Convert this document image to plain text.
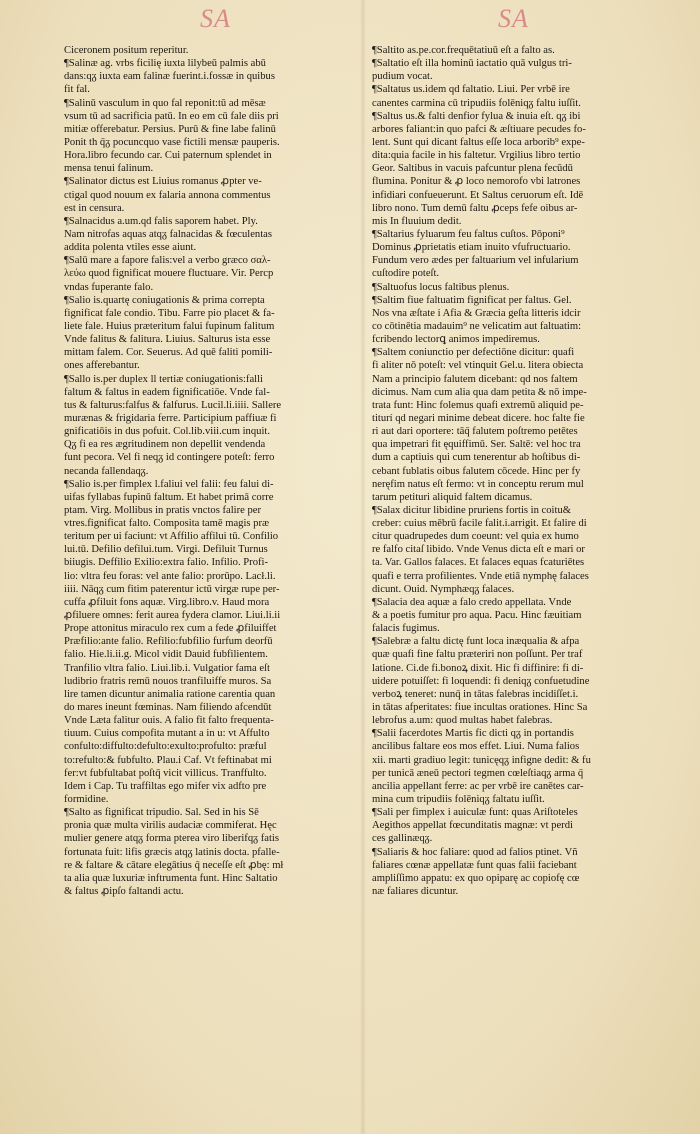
SA	SA
Ciceronem positum reperitur.
¶Salinæ ag. vrbs ficilię iuxta lilybeū palmis abū
dans:qᵹ iuxta eam falinæ fuerint.i.fossæ in quibus
fit fal.
¶Salinū vasculum in quo fal reponit:tū ad mēsæ
vsum tū ad sacrificia patū. In eo em cū fale diis pri
mitiæ offerebatur. Persius. Purū & fine labe falinū
Ponit th q̄ᵹ pocuncquo vase fictili mensæ pauperis.
Hora.libro fecundo car. Cui paternum splendet in
mensa tenui falinum.
¶Salinator dictus est Liuius romanus ꝓpter ve-
ctigal quod nouum ex falaria annona commentus
est in censura.
¶Salnacidus a.um.qd falis saporem habet. Ply.
Nam nitrofas aquas atqᵹ falnacidas & fœculentas
addita polenta vtiles esse aiunt.
¶Salū mare a fapore falis:vel a verbo græco σαλ-
λεύω quod fignificat mouere fluctuare. Vir. Percp
vndas fuperante falo.
¶Salio is.quartę coniugationis & prima correpta
fignificat fale condio. Tibu. Farre pio placet & fa-
liete fale. Huius præteritum falui fupinum falitum
Vnde falitus & falitura. Liuius. Salturus ista esse
mittam falem. Cor. Seuerus. Ad quē faliti pomili-
ones afferebantur.
¶Sallo is.per duplex ll tertiæ coniugationis:falli
faltum & faltus in eadem fignificatiōe. Vnde fal-
tus & falturus:falfus & falfurus. Lucil.li.iiii. Sallere
murænas & frigidaria ferre. Participium paffiuæ fi
gnificatiōis in dus pofuit. Col.lib.viii.cum inquit.
Qᵹ fi ea res ægritudinem non depellit vendenda
funt pecora. Vel fi neqᵹ id contingere poteſt: ferro
necanda fallendaqᵹ.
¶Salio is.per fimplex l.faliui vel falii: feu falui di-
uifas fyllabas fupinū faltum. Et habet primā corre
ptam. Virg. Mollibus in pratis vnctos falire per
vtres.fignificat falto. Composita tamē magis præ
teritum per ui faciunt: vt Affilio affilui tū. Confilio
lui.tū. Defilio defilui.tum. Virgi. Defiluit Turnus
biiugis. Deffilio Exilio:extra falio. Infilio. Profi-
lio: vltra feu foras: vel ante falio: prorūpo. Lacł.li.
iiii. Nāqᵹ cum fitim paterentur ictū virgæ rupe per-
cuffa ꝓfiluit fons aquæ. Virg.libro.v. Haud mora
ꝓfiluere omnes: ferit aurea fydera clamor. Liui.li.ii
Prope attonitus miraculo rex cum a fede ꝓfiluiffet
Præfilio:ante falio. Refilio:fubfilio furfum deorfū
falio. Hie.li.ii.g. Micol vidit Dauid fubfilientem.
Tranfilio vltra falio. Liui.lib.i. Vulgatior fama eſt
ludibrio fratris remū nouos tranfiluiffe muros. Sa
lire tamen dicuntur animalia ratione carentia quan
do mares ineunt fœminas. Nam filiendo afcendūt
Vnde Læta falitur ouis. A falio fit falto frequenta-
tiuum. Cuius compofita mutant a in u: vt Affulto
confulto:diffulto:defulto:exulto:profulto: præful
to:refulto:& fubfulto. Plau.i Caf. Vt feftinabat mi
fer:vt fubfultabat poſtq̄ vicit villicus. Tranffulto.
Idem i Cap. Tu traffiltas ego mifer vix adfto pre
formidine.
¶Salto as fignificat tripudio. Sal. Sed in his Sē
pronia quæ multa virilis audaciæ commiferat. Hęc
mulier genere atqᵹ forma pterea viro liberifqᵹ fatis
fortunata fuit: lifis græcis atqᵹ latinis docta. pfalle-
re & faltare & cātare elegātius q̄ neceſſe eſt ꝓbę: mł
ta alia quæ luxuriæ inftrumenta funt. Hinc Saltatio
& faltus ꝓipſo faltandi actu.
¶Saltito as.pe.cor.frequētatiuū eſt a falto as.
¶Saltatio eſt illa hominū iactatio quā vulgus tri-
pudium vocat.
¶Saltatus us.idem qd faltatio. Liui. Per vrbē ire
canentes carmina cū tripudiis folēniqᵹ faltu iuſſit.
¶Saltus us.& falti denfior fylua & inuia eſt. qᵹ ibi
arbores faliant:in quo pafci & æſtiuare pecudes fo-
lent. Sunt qui dicant faltus eſſe loca arborib⁹ expe-
dita:quia facile in his faltetur. Vrgilius libro tertio
Geor. Saltibus in vacuis pafcuntur plena fecūdū
flumina. Ponitur & ꝓ loco nemorofo vbi latrones
infidiari confueuerunt. Et Saltus ceruorum eſt. Idē
libro nono. Tum demū faltu ꝓceps fefe oibus ar-
mis In fluuium dedit.
¶Saltarius fyluarum feu faltus cuſtos. Pōponi⁹
Dominus ꝓprietatis etiam inuito vfufructuario.
Fundum vero ædes per faltuarium vel infularium
cuſtodire poteſt.
¶Saltuofus locus faltibus plenus.
¶Saltim fiue faltuatim fignificat per faltus. Gel.
Nos vna æſtate i Afia & Græcia geſta litteris idcir
co cōtinētia madauim⁹ ne velicatim aut faltuatim:
fcribendo lectorꝗ animos impediremus.
¶Saltem coniunctio per defectiōne dicitur: quafi
fi aliter nō poteſt: vel vtinquit Gel.u. litera obiecta
Nam a principio falutem dicebant: qd nos faltem
dicimus. Nam cum alia qua dam petita & nō impe-
trata funt: Hinc folemus quafi extremū aliquid pe-
titurí qd negari minime debeat dicere. hoc falte fie
ri aut dari oportere: tāq̄ falutem poſtremo petētes
qua impetrari fit ęquiffimū. Ser. Saltē: vel hoc tra
dum a captiuis qui cum tenerentur ab hoſtibus di-
cebant fublatis oibus falutem cōcede. Hinc per fy
neręfim natus eſt fermo: vt in conceptu rerum mul
tarum petituri aliquid faltem dicamus.
¶Salax dicitur libidine pruriens fortis in coitu&
creber: cuius mēbrū facile falit.i.arrigit. Et falire di
citur quadrupedes dum coeunt: vel quia ex humo
re falfo citaſ libido. Vnde Venus dicta eſt e mari or
ta. Var. Gallos falaces. Et falaces equas fcaturiētes
quafi e terra profilientes. Vnde etiā nymphę falaces
dicunt. Ouid. Nymphæqᵹ falaces.
¶Salacia dea aquæ a falo credo appellata. Vnde
& a poetis fumitur pro aqua. Pacu. Hinc fæuitiam
falacis fugimus.
¶Salebræ a faltu dictę funt loca inæqualia & afpa
quæ quafi fine faltu præteriri non poſſunt. Per traf
latione. Ci.de fi.bonoꝝ dixit. Hic fi diffinire: fi di-
uidere potuiſſet: fi loquendi: fi deniqᵹ confuetudine
verboꝝ teneret: nunq̄ in tātas falebras incidiſſet.i.
in tātas afperitates: fiue incultas orationes. Hinc Sa
lebrofus a.um: quod multas habet falebras.
¶Salii facerdotes Martis fic dicti qᵹ in portandis
ancilibus faltare eos mos effet. Liui. Numa falios
xii. marti gradiuo legit: tunicęqᵹ infigne dedit: & fu
per tunicā æneū pectori tegmen cœleſtiaqᵹ arma q̄
ancilia appellant ferre: ac per vrbē ire canētes car-
mina cum tripudiis folēniqᵹ faltatu iuſſit.
¶Sali per fimplex i auiculæ funt: quas Ariſtoteles
Aegithos appellat fœcunditatis magnæ: vt perdi
ces gallinæqᵹ.
¶Saliaris & hoc faliare: quod ad falios ptinet. Vñ
faliares cœnæ appellatæ funt quas falii faciebant
ampliſſimo appatu: ex quo opiparę ac copiofę cœ
næ faliares dicuntur.
